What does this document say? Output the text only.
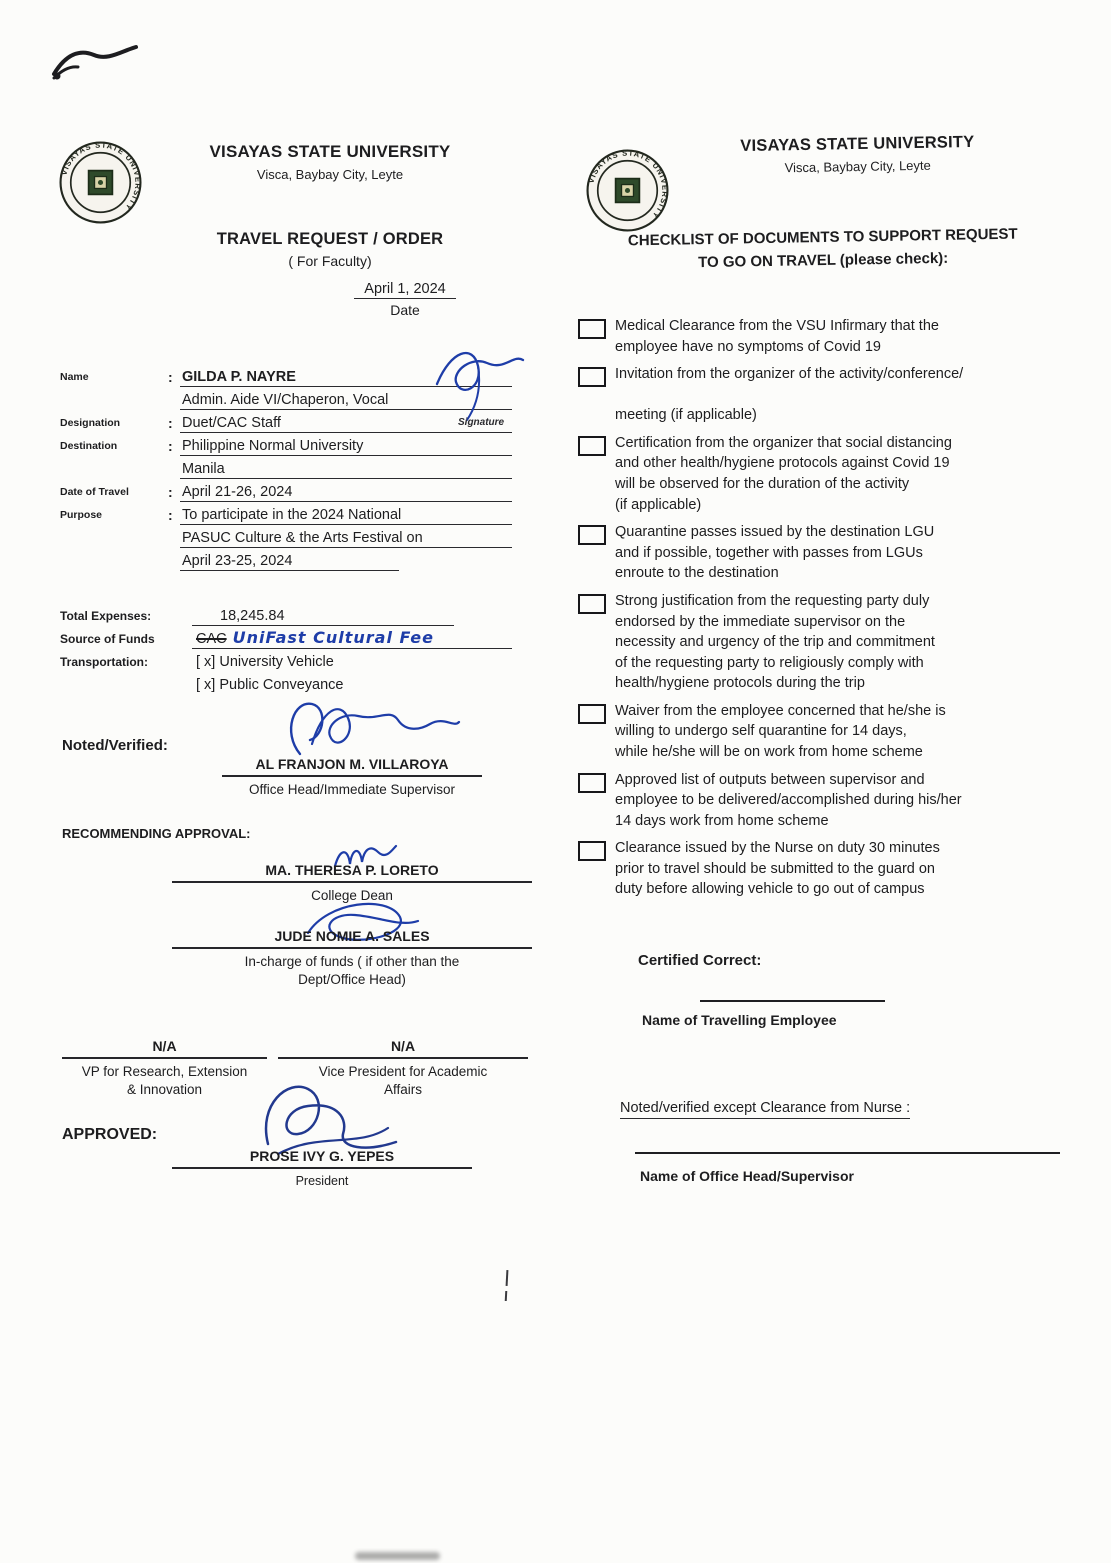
VISAYAS STATE UNIVERSITY
Visca, Baybay City, Leyte
TRAVEL REQUEST / ORDER
( For Faculty)
April 1, 2024
Date
Name	: GILDA P. NAYRE
Admin. Aide VI/Chaperon, Vocal
Designation	: Duet/CAC Staff
Destination	: Philippine Normal University
Manila
Date of Travel	: April 21-26, 2024
Purpose	: To participate in the 2024 National
PASUC Culture & the Arts Festival on
April 23-25, 2024
Signature
Total Expenses:	18,245.84
Source of Funds	CAC UniFast Cultural Fee
Transportation:	[ x] University Vehicle
[ x] Public Conveyance
Noted/Verified:
AL FRANJON M. VILLAROYA
Office Head/Immediate Supervisor
RECOMMENDING APPROVAL:
MA. THERESA P. LORETO
College Dean
JUDE NOMIE A. SALES
In-charge of funds ( if other than the
Dept/Office Head)
N/A
VP for Research, Extension
& Innovation
N/A
Vice President for Academic
Affairs
APPROVED:
PROSE IVY G. YEPES
President
VISAYAS STATE UNIVERSITY
Visca, Baybay City, Leyte
CHECKLIST OF DOCUMENTS TO SUPPORT REQUEST
TO GO ON TRAVEL (please check):
Medical Clearance from the VSU Infirmary that the
employee have no symptoms of Covid 19
Invitation from the organizer of the activity/conference/

meeting (if applicable)
Certification from the organizer that social distancing
and other health/hygiene protocols against Covid 19
will be observed for the duration of the activity
(if applicable)
Quarantine passes issued by the destination LGU
and if possible, together with passes from LGUs
enroute to the destination
Strong justification from the requesting party duly
endorsed by the immediate supervisor on the
necessity and urgency of the trip and commitment
of the requesting party to religiously comply with
health/hygiene protocols during the trip
Waiver from the employee concerned that he/she is
willing to undergo self quarantine for 14 days,
while he/she will be on work from home scheme
Approved list of outputs between supervisor and
employee to be delivered/accomplished during his/her
14 days work from home scheme
Clearance issued by the Nurse on duty 30 minutes
prior to travel should be submitted to the guard on
duty before allowing vehicle to go out of campus
Certified Correct:
Name of Travelling Employee
Noted/verified except Clearance from Nurse :
Name of Office Head/Supervisor
